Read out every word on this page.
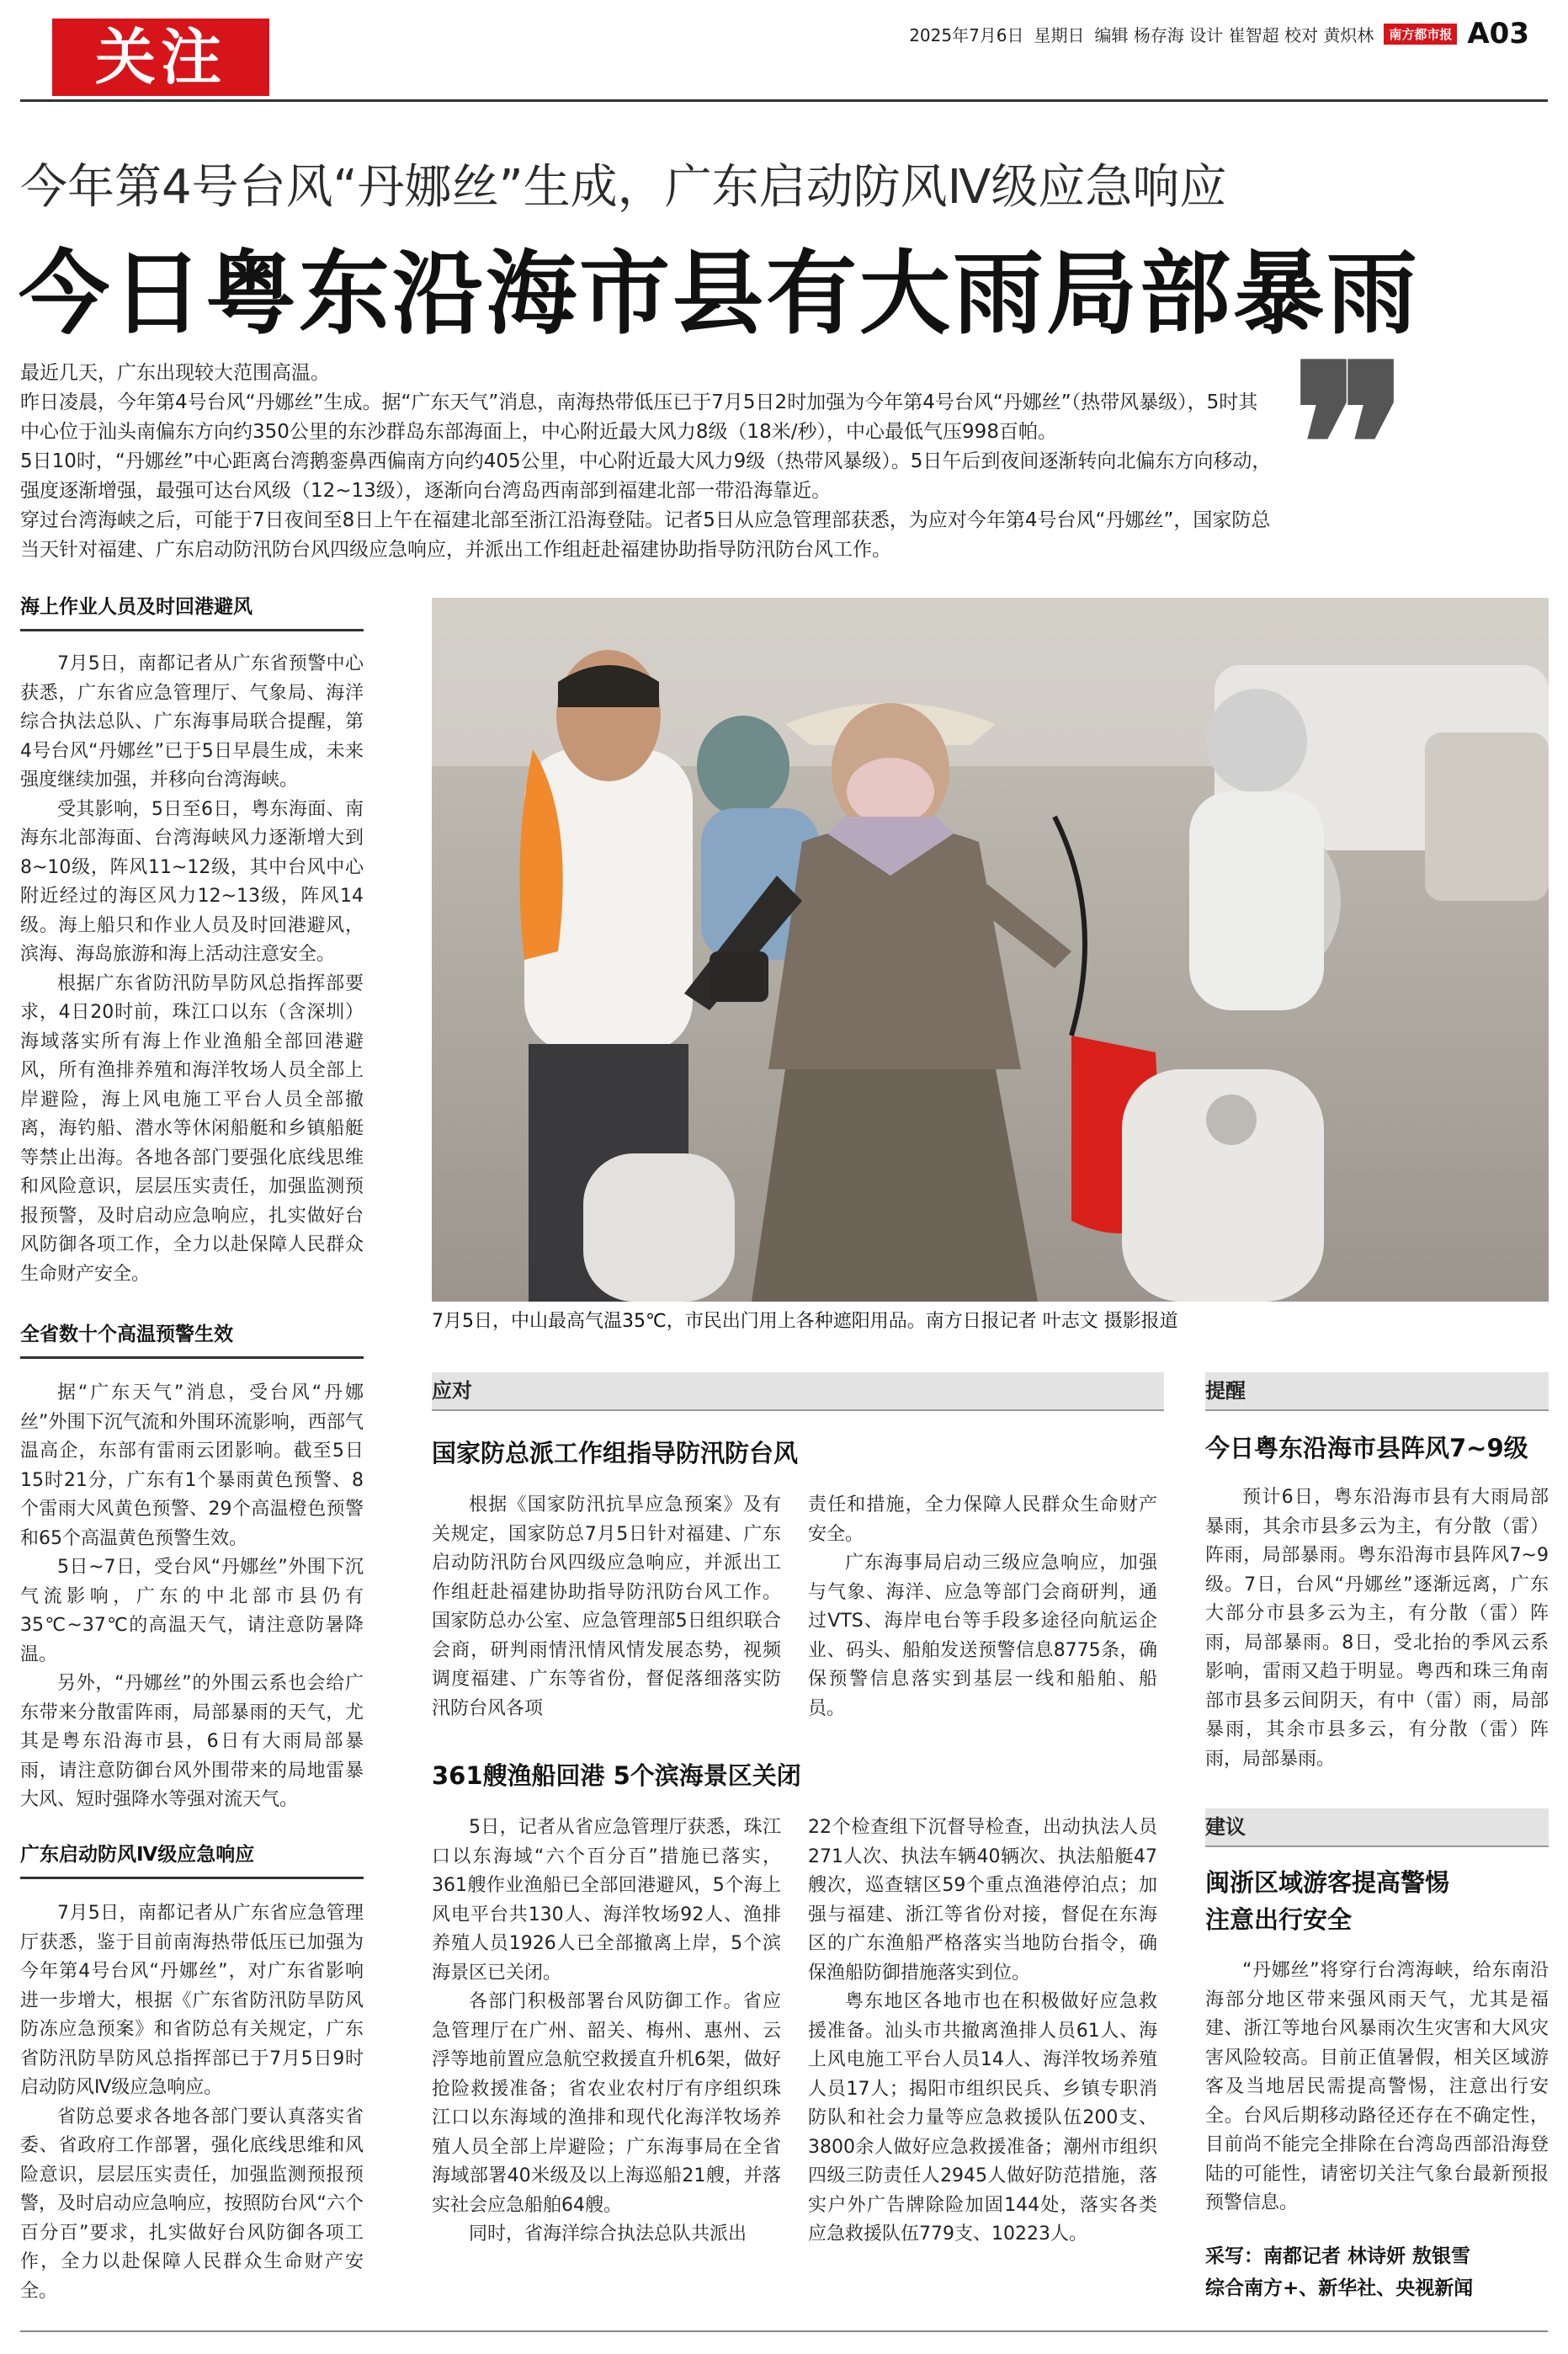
关注	2025年7月6日 星期日 编辑 杨存海 设计 崔智超 校对 黄炽林	南方都市报 A03
今年第4号台风“丹娜丝”生成，广东启动防风Ⅳ级应急响应
今日粤东沿海市县有大雨局部暴雨

最近几天，广东出现较大范围高温。

昨日凌晨，今年第4号台风“丹娜丝”生成。据“广东天气”消息，南海热带低压已于7月5日2时加强为今年第4号台风“丹娜丝”（热带风暴级），5时其中心位于汕头南偏东方向约350公里的东沙群岛东部海面上，中心附近最大风力8级（18米/秒），中心最低气压998百帕。

5日10时，“丹娜丝”中心距离台湾鹅銮鼻西偏南方向约405公里，中心附近最大风力9级（热带风暴级）。5日午后到夜间逐渐转向北偏东方向移动，强度逐渐增强，最强可达台风级（12~13级），逐渐向台湾岛西南部到福建北部一带沿海靠近。

穿过台湾海峡之后，可能于7日夜间至8日上午在福建北部至浙江沿海登陆。记者5日从应急管理部获悉，为应对今年第4号台风“丹娜丝”，国家防总当天针对福建、广东启动防汛防台风四级应急响应，并派出工作组赶赴福建协助指导防汛防台风工作。	❞
海上作业人员及时回港避风

7月5日，南都记者从广东省预警中心获悉，广东省应急管理厅、气象局、海洋综合执法总队、广东海事局联合提醒，第4号台风“丹娜丝”已于5日早晨生成，未来强度继续加强，并移向台湾海峡。

受其影响，5日至6日，粤东海面、南海东北部海面、台湾海峡风力逐渐增大到8~10级，阵风11~12级，其中台风中心附近经过的海区风力12~13级，阵风14级。海上船只和作业人员及时回港避风，滨海、海岛旅游和海上活动注意安全。

根据广东省防汛防旱防风总指挥部要求，4日20时前，珠江口以东（含深圳）海域落实所有海上作业渔船全部回港避风，所有渔排养殖和海洋牧场人员全部上岸避险，海上风电施工平台人员全部撤离，海钓船、潜水等休闲船艇和乡镇船艇等禁止出海。各地各部门要强化底线思维和风险意识，层层压实责任，加强监测预报预警，及时启动应急响应，扎实做好台风防御各项工作，全力以赴保障人民群众生命财产安全。

全省数十个高温预警生效

据“广东天气”消息，受台风“丹娜丝”外围下沉气流和外围环流影响，西部气温高企，东部有雷雨云团影响。截至5日15时21分，广东有1个暴雨黄色预警、8个雷雨大风黄色预警、29个高温橙色预警和65个高温黄色预警生效。

5日~7日，受台风“丹娜丝”外围下沉气流影响，广东的中北部市县仍有35℃~37℃的高温天气，请注意防暑降温。

另外，“丹娜丝”的外围云系也会给广东带来分散雷阵雨，局部暴雨的天气，尤其是粤东沿海市县，6日有大雨局部暴雨，请注意防御台风外围带来的局地雷暴大风、短时强降水等强对流天气。

广东启动防风Ⅳ级应急响应

7月5日，南都记者从广东省应急管理厅获悉，鉴于目前南海热带低压已加强为今年第4号台风“丹娜丝”，对广东省影响进一步增大，根据《广东省防汛防旱防风防冻应急预案》和省防总有关规定，广东省防汛防旱防风总指挥部已于7月5日9时启动防风Ⅳ级应急响应。

省防总要求各地各部门要认真落实省委、省政府工作部署，强化底线思维和风险意识，层层压实责任，加强监测预报预警，及时启动应急响应，按照防台风“六个百分百”要求，扎实做好台风防御各项工作，全力以赴保障人民群众生命财产安全。

7月5日，中山最高气温35℃，市民出门用上各种遮阳用品。南方日报记者 叶志文 摄影报道
应对
国家防总派工作组指导防汛防台风

根据《国家防汛抗旱应急预案》及有关规定，国家防总7月5日针对福建、广东启动防汛防台风四级应急响应，并派出工作组赶赴福建协助指导防汛防台风工作。国家防总办公室、应急管理部5日组织联合会商，研判雨情汛情风情发展态势，视频调度福建、广东等省份，督促落细落实防汛防台风各项

责任和措施，全力保障人民群众生命财产安全。

广东海事局启动三级应急响应，加强与气象、海洋、应急等部门会商研判，通过VTS、海岸电台等手段多途径向航运企业、码头、船舶发送预警信息8775条，确保预警信息落实到基层一线和船舶、船员。

361艘渔船回港 5个滨海景区关闭

5日，记者从省应急管理厅获悉，珠江口以东海域“六个百分百”措施已落实，361艘作业渔船已全部回港避风，5个海上风电平台共130人、海洋牧场92人、渔排养殖人员1926人已全部撤离上岸，5个滨海景区已关闭。

各部门积极部署台风防御工作。省应急管理厅在广州、韶关、梅州、惠州、云浮等地前置应急航空救援直升机6架，做好抢险救援准备；省农业农村厅有序组织珠江口以东海域的渔排和现代化海洋牧场养殖人员全部上岸避险；广东海事局在全省海域部署40米级及以上海巡船21艘，并落实社会应急船舶64艘。

同时，省海洋综合执法总队共派出

22个检查组下沉督导检查，出动执法人员271人次、执法车辆40辆次、执法船艇47艘次，巡查辖区59个重点渔港停泊点；加强与福建、浙江等省份对接，督促在东海区的广东渔船严格落实当地防台指令，确保渔船防御措施落实到位。

粤东地区各地市也在积极做好应急救援准备。汕头市共撤离渔排人员61人、海上风电施工平台人员14人、海洋牧场养殖人员17人；揭阳市组织民兵、乡镇专职消防队和社会力量等应急救援队伍200支、3800余人做好应急救援准备；潮州市组织四级三防责任人2945人做好防范措施，落实户外广告牌除险加固144处，落实各类应急救援队伍779支、10223人。

提醒
今日粤东沿海市县阵风7~9级

预计6日，粤东沿海市县有大雨局部暴雨，其余市县多云为主，有分散（雷）阵雨，局部暴雨。粤东沿海市县阵风7~9级。7日，台风“丹娜丝”逐渐远离，广东大部分市县多云为主，有分散（雷）阵雨，局部暴雨。8日，受北抬的季风云系影响，雷雨又趋于明显。粤西和珠三角南部市县多云间阴天，有中（雷）雨，局部暴雨，其余市县多云，有分散（雷）阵雨，局部暴雨。

建议
闽浙区域游客提高警惕
注意出行安全

“丹娜丝”将穿行台湾海峡，给东南沿海部分地区带来强风雨天气，尤其是福建、浙江等地台风暴雨次生灾害和大风灾害风险较高。目前正值暑假，相关区域游客及当地居民需提高警惕，注意出行安全。台风后期移动路径还存在不确定性，目前尚不能完全排除在台湾岛西部沿海登陆的可能性，请密切关注气象台最新预报预警信息。

采写：南都记者 林诗妍 敖银雪
综合南方+、新华社、央视新闻
